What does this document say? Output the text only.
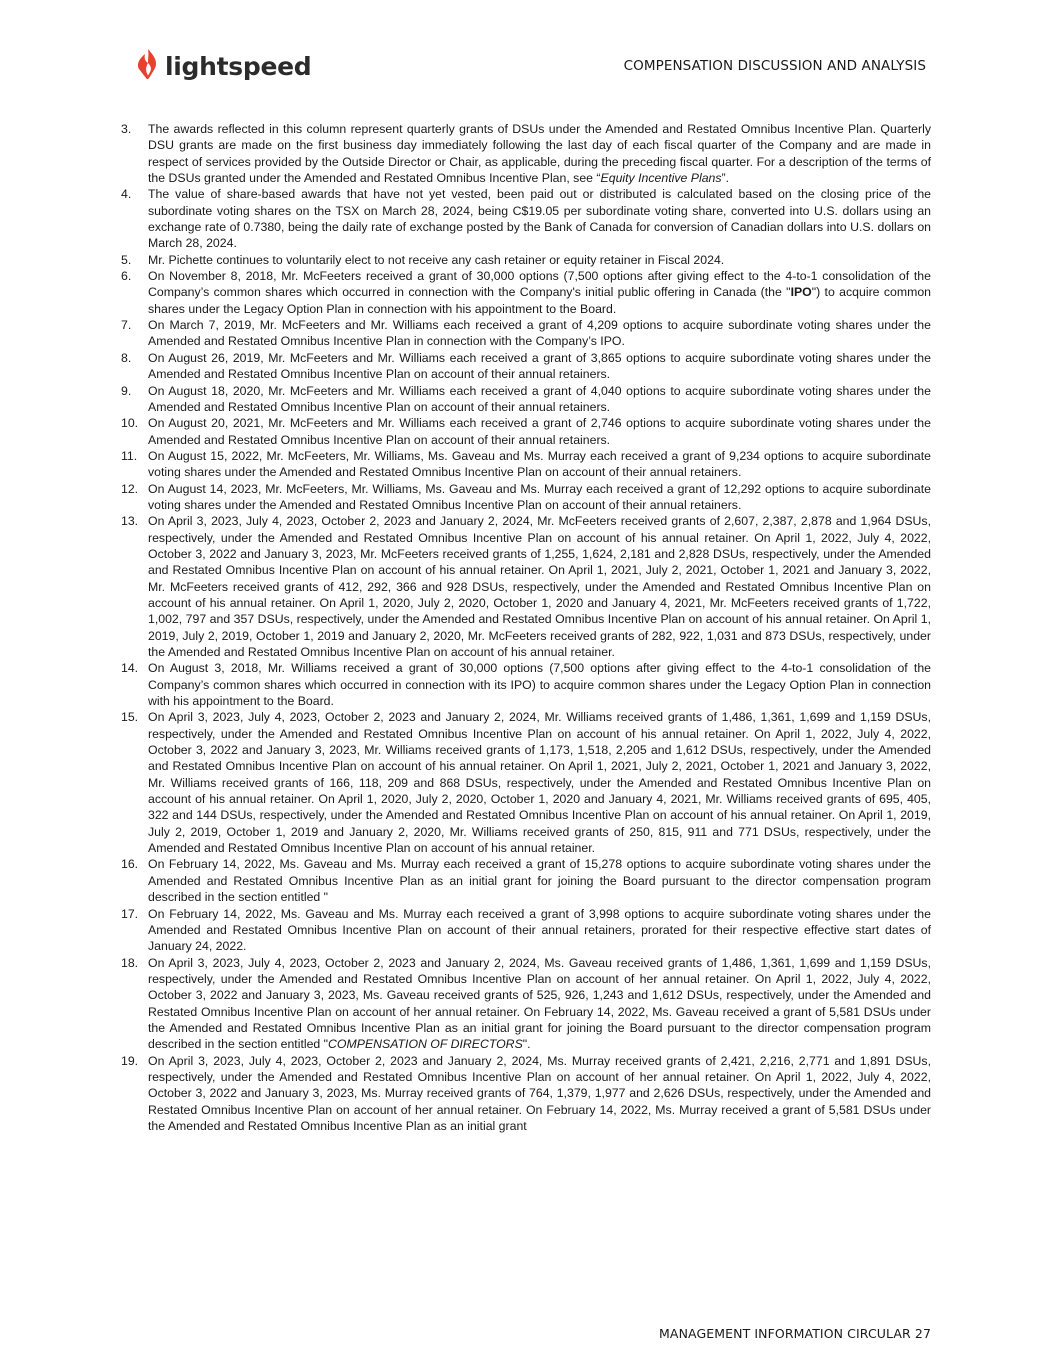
lightspeed	COMPENSATION DISCUSSION AND ANALYSIS
3.	The awards reflected in this column represent quarterly grants of DSUs under the Amended and Restated Omnibus Incentive Plan. Quarterly DSU grants are made on the first business day immediately following the last day of each fiscal quarter of the Company and are made in respect of services provided by the Outside Director or Chair, as applicable, during the preceding fiscal quarter. For a description of the terms of the DSUs granted under the Amended and Restated Omnibus Incentive Plan, see “Equity Incentive Plans”.
4.	The value of share-based awards that have not yet vested, been paid out or distributed is calculated based on the closing price of the subordinate voting shares on the TSX on March 28, 2024, being C$19.05 per subordinate voting share, converted into U.S. dollars using an exchange rate of 0.7380, being the daily rate of exchange posted by the Bank of Canada for conversion of Canadian dollars into U.S. dollars on March 28, 2024.
5.	Mr. Pichette continues to voluntarily elect to not receive any cash retainer or equity retainer in Fiscal 2024.
6.	On November 8, 2018, Mr. McFeeters received a grant of 30,000 options (7,500 options after giving effect to the 4-to-1 consolidation of the Company’s common shares which occurred in connection with the Company's initial public offering in Canada (the "IPO") to acquire common shares under the Legacy Option Plan in connection with his appointment to the Board.
7.	On March 7, 2019, Mr. McFeeters and Mr. Williams each received a grant of 4,209 options to acquire subordinate voting shares under the Amended and Restated Omnibus Incentive Plan in connection with the Company’s IPO.
8.	On August 26, 2019, Mr. McFeeters and Mr. Williams each received a grant of 3,865 options to acquire subordinate voting shares under the Amended and Restated Omnibus Incentive Plan on account of their annual retainers.
9.	On August 18, 2020, Mr. McFeeters and Mr. Williams each received a grant of 4,040 options to acquire subordinate voting shares under the Amended and Restated Omnibus Incentive Plan on account of their annual retainers.
10. On August 20, 2021, Mr. McFeeters and Mr. Williams each received a grant of 2,746 options to acquire subordinate voting shares under the Amended and Restated Omnibus Incentive Plan on account of their annual retainers.
11. On August 15, 2022, Mr. McFeeters, Mr. Williams, Ms. Gaveau and Ms. Murray each received a grant of 9,234 options to acquire subordinate voting shares under the Amended and Restated Omnibus Incentive Plan on account of their annual retainers.
12. On August 14, 2023, Mr. McFeeters, Mr. Williams, Ms. Gaveau and Ms. Murray each received a grant of 12,292 options to acquire subordinate voting shares under the Amended and Restated Omnibus Incentive Plan on account of their annual retainers.
13. On April 3, 2023, July 4, 2023, October 2, 2023 and January 2, 2024, Mr. McFeeters received grants of 2,607, 2,387, 2,878 and 1,964 DSUs, respectively, under the Amended and Restated Omnibus Incentive Plan on account of his annual retainer. On April 1, 2022, July 4, 2022, October 3, 2022 and January 3, 2023, Mr. McFeeters received grants of 1,255, 1,624, 2,181 and 2,828 DSUs, respectively, under the Amended and Restated Omnibus Incentive Plan on account of his annual retainer. On April 1, 2021, July 2, 2021, October 1, 2021 and January 3, 2022, Mr. McFeeters received grants of 412, 292, 366 and 928 DSUs, respectively, under the Amended and Restated Omnibus Incentive Plan on account of his annual retainer. On April 1, 2020, July 2, 2020, October 1, 2020 and January 4, 2021, Mr. McFeeters received grants of 1,722, 1,002, 797 and 357 DSUs, respectively, under the Amended and Restated Omnibus Incentive Plan on account of his annual retainer. On April 1, 2019, July 2, 2019, October 1, 2019 and January 2, 2020, Mr. McFeeters received grants of 282, 922, 1,031 and 873 DSUs, respectively, under the Amended and Restated Omnibus Incentive Plan on account of his annual retainer.
14. On August 3, 2018, Mr. Williams received a grant of 30,000 options (7,500 options after giving effect to the 4-to-1 consolidation of the Company’s common shares which occurred in connection with its IPO) to acquire common shares under the Legacy Option Plan in connection with his appointment to the Board.
15. On April 3, 2023, July 4, 2023, October 2, 2023 and January 2, 2024, Mr. Williams received grants of 1,486, 1,361, 1,699 and 1,159 DSUs, respectively, under the Amended and Restated Omnibus Incentive Plan on account of his annual retainer. On April 1, 2022, July 4, 2022, October 3, 2022 and January 3, 2023, Mr. Williams received grants of 1,173, 1,518, 2,205 and 1,612 DSUs, respectively, under the Amended and Restated Omnibus Incentive Plan on account of his annual retainer. On April 1, 2021, July 2, 2021, October 1, 2021 and January 3, 2022, Mr. Williams received grants of 166, 118, 209 and 868 DSUs, respectively, under the Amended and Restated Omnibus Incentive Plan on account of his annual retainer. On April 1, 2020, July 2, 2020, October 1, 2020 and January 4, 2021, Mr. Williams received grants of 695, 405, 322 and 144 DSUs, respectively, under the Amended and Restated Omnibus Incentive Plan on account of his annual retainer. On April 1, 2019, July 2, 2019, October 1, 2019 and January 2, 2020, Mr. Williams received grants of 250, 815, 911 and 771 DSUs, respectively, under the Amended and Restated Omnibus Incentive Plan on account of his annual retainer.
16. On February 14, 2022, Ms. Gaveau and Ms. Murray each received a grant of 15,278 options to acquire subordinate voting shares under the Amended and Restated Omnibus Incentive Plan as an initial grant for joining the Board pursuant to the director compensation program described in the section entitled "
17. On February 14, 2022, Ms. Gaveau and Ms. Murray each received a grant of 3,998 options to acquire subordinate voting shares under the Amended and Restated Omnibus Incentive Plan on account of their annual retainers, prorated for their respective effective start dates of January 24, 2022.
18. On April 3, 2023, July 4, 2023, October 2, 2023 and January 2, 2024, Ms. Gaveau received grants of 1,486, 1,361, 1,699 and 1,159 DSUs, respectively, under the Amended and Restated Omnibus Incentive Plan on account of her annual retainer. On April 1, 2022, July 4, 2022, October 3, 2022 and January 3, 2023, Ms. Gaveau received grants of 525, 926, 1,243 and 1,612 DSUs, respectively, under the Amended and Restated Omnibus Incentive Plan on account of her annual retainer. On February 14, 2022, Ms. Gaveau received a grant of 5,581 DSUs under the Amended and Restated Omnibus Incentive Plan as an initial grant for joining the Board pursuant to the director compensation program described in the section entitled "COMPENSATION OF DIRECTORS".
19. On April 3, 2023, July 4, 2023, October 2, 2023 and January 2, 2024, Ms. Murray received grants of 2,421, 2,216, 2,771 and 1,891 DSUs, respectively, under the Amended and Restated Omnibus Incentive Plan on account of her annual retainer. On April 1, 2022, July 4, 2022, October 3, 2022 and January 3, 2023, Ms. Murray received grants of 764, 1,379, 1,977 and 2,626 DSUs, respectively, under the Amended and Restated Omnibus Incentive Plan on account of her annual retainer. On February 14, 2022, Ms. Murray received a grant of 5,581 DSUs under the Amended and Restated Omnibus Incentive Plan as an initial grant
MANAGEMENT INFORMATION CIRCULAR 27
